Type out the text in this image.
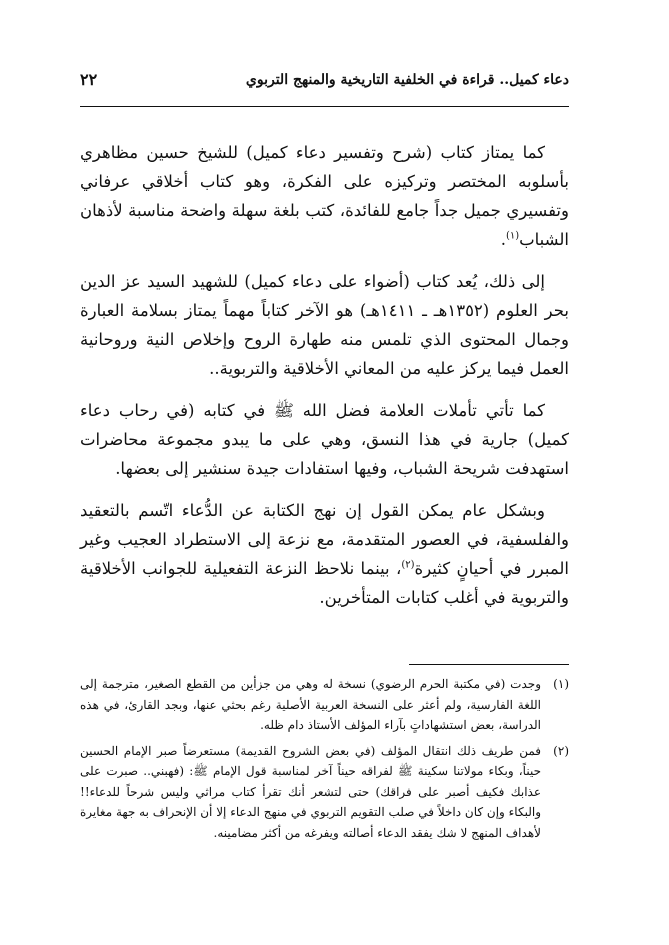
دعاء كميل.. قراءة في الخلفية التاريخية والمنهج التربوي
٢٢

كما يمتاز كتاب (شرح وتفسير دعاء كميل) للشيخ حسين مظاهري بأسلوبه المختصر وتركيزه على الفكرة، وهو كتاب أخلاقي عرفاني وتفسيري جميل جداً جامع للفائدة، كتب بلغة سهلة واضحة مناسبة لأذهان الشباب$^{(١)}$.

إلى ذلك، يُعد كتاب (أضواء على دعاء كميل) للشهيد السيد عز الدين بحر العلوم (١٣٥٢هـ ـ ١٤١١هـ) هو الآخر كتاباً مهماً يمتاز بسلامة العبارة وجمال المحتوى الذي تلمس منه طهارة الروح وإخلاص النية وروحانية العمل فيما يركز عليه من المعاني الأخلاقية والتربوية..

كما تأتي تأملات العلامة فضل الله ﷺ في كتابه (في رحاب دعاء كميل) جارية في هذا النسق، وهي على ما يبدو مجموعة محاضرات استهدفت شريحة الشباب، وفيها استفادات جيدة سنشير إلى بعضها.

وبشكل عام يمكن القول إن نهج الكتابة عن الدُّعاء اتّسم بالتعقيد والفلسفية، في العصور المتقدمة، مع نزعة إلى الاستطراد العجيب وغير المبرر في أحيانٍ كثيرة$^{(٢)}$، بينما نلاحظ النزعة التفعيلية للجوانب الأخلاقية والتربوية في أغلب كتابات المتأخرين.

(١)
وجدت (في مكتبة الحرم الرضوي) نسخة له وهي من جزأين من القطع الصغير، مترجمة إلى اللغة الفارسية، ولم أعثر على النسخة العربية الأصلية رغم بحثي عنها، وبجد القارئ، في هذه الدراسة، بعض استشهاداتٍ بآراء المؤلف الأستاذ دام ظله.
(٢)
فمن طريف ذلك انتقال المؤلف (في بعض الشروح القديمة) مستعرضاً صبر الإمام الحسين حيناً، وبكاء مولاتنا سكينة ﷺ لفراقه حيناً آخر لمناسبة قول الإمام ﷺ: (فهبني.. صبرت على عذابك فكيف أصبر على فراقك) حتى لتشعر أنك تقرأ كتاب مراثي وليس شرحاً للدعاء!! والبكاء وإن كان داخلاً في صلب التقويم التربوي في منهج الدعاء إلا أن الإنحراف به جهة مغايرة لأهداف المنهج لا شك يفقد الدعاء أصالته ويفرغه من أكثر مضامينه.
